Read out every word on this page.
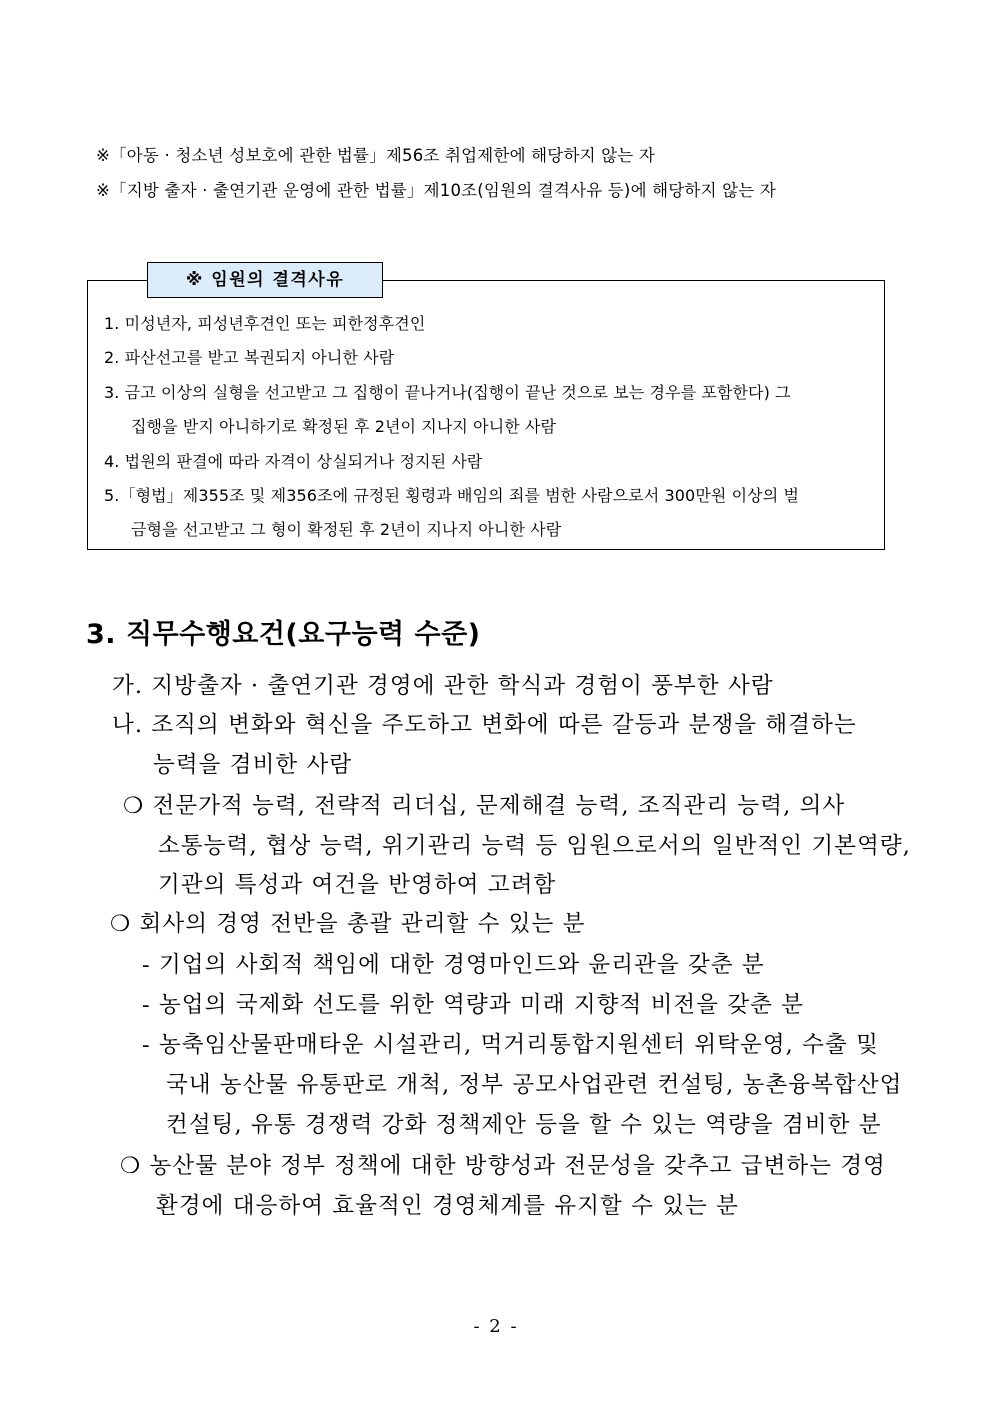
※「아동 · 청소년 성보호에 관한 법률」제56조 취업제한에 해당하지 않는 자
※「지방 출자 · 출연기관 운영에 관한 법률」제10조(임원의 결격사유 등)에 해당하지 않는 자
※ 임원의 결격사유
1. 미성년자, 피성년후견인 또는 피한정후견인
2. 파산선고를 받고 복권되지 아니한 사람
3. 금고 이상의 실형을 선고받고 그 집행이 끝나거나(집행이 끝난 것으로 보는 경우를 포함한다) 그
집행을 받지 아니하기로 확정된 후 2년이 지나지 아니한 사람
4. 법원의 판결에 따라 자격이 상실되거나 정지된 사람
5.「형법」제355조 및 제356조에 규정된 횡령과 배임의 죄를 범한 사람으로서 300만원 이상의 벌
금형을 선고받고 그 형이 확정된 후 2년이 지나지 아니한 사람
3. 직무수행요건(요구능력 수준)
가. 지방출자 · 출연기관 경영에 관한 학식과 경험이 풍부한 사람
나. 조직의 변화와 혁신을 주도하고 변화에 따른 갈등과 분쟁을 해결하는
능력을 겸비한 사람
❍ 전문가적 능력, 전략적 리더십, 문제해결 능력, 조직관리 능력, 의사
소통능력, 협상 능력, 위기관리 능력 등 임원으로서의 일반적인 기본역량,
기관의 특성과 여건을 반영하여 고려함
❍ 회사의 경영 전반을 총괄 관리할 수 있는 분
- 기업의 사회적 책임에 대한 경영마인드와 윤리관을 갖춘 분
- 농업의 국제화 선도를 위한 역량과 미래 지향적 비전을 갖춘 분
- 농축임산물판매타운 시설관리, 먹거리통합지원센터 위탁운영, 수출 및
국내 농산물 유통판로 개척, 정부 공모사업관련 컨설팅, 농촌융복합산업
컨설팅, 유통 경쟁력 강화 정책제안 등을 할 수 있는 역량을 겸비한 분
❍ 농산물 분야 정부 정책에 대한 방향성과 전문성을 갖추고 급변하는 경영
환경에 대응하여 효율적인 경영체계를 유지할 수 있는 분
- 2 -
